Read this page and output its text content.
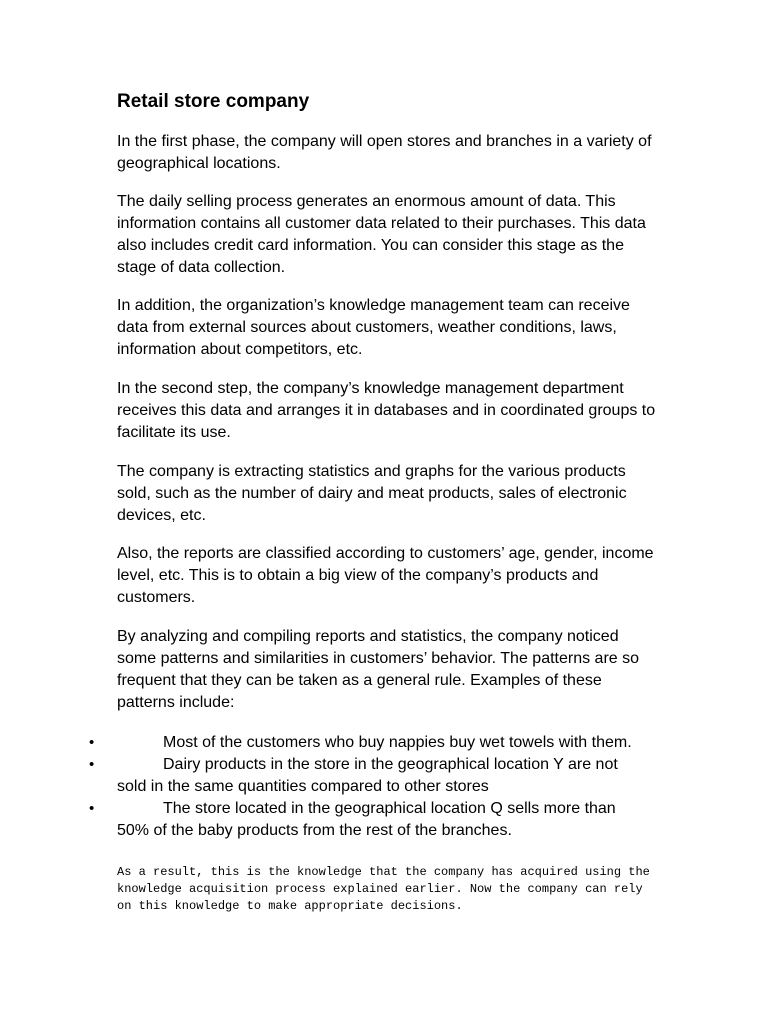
Retail store company

In the first phase, the company will open stores and branches in a variety of geographical locations.

The daily selling process generates an enormous amount of data. This information contains all customer data related to their purchases. This data also includes credit card information. You can consider this stage as the stage of data collection.

In addition, the organization’s knowledge management team can receive data from external sources about customers, weather conditions, laws, information about competitors, etc.

In the second step, the company’s knowledge management department receives this data and arranges it in databases and in coordinated groups to facilitate its use.

The company is extracting statistics and graphs for the various products sold, such as the number of dairy and meat products, sales of electronic devices, etc.

Also, the reports are classified according to customers’ age, gender, income level, etc. This is to obtain a big view of the company’s products and customers.

By analyzing and compiling reports and statistics, the company noticed some patterns and similarities in customers’ behavior. The patterns are so frequent that they can be taken as a general rule. Examples of these patterns include:

•	Most of the customers who buy nappies buy wet towels with them.
•	Dairy products in the store in the geographical location Y are not sold in the same quantities compared to other stores
•	The store located in the geographical location Q sells more than 50% of the baby products from the rest of the branches.

As a result, this is the knowledge that the company has acquired using the knowledge acquisition process explained earlier. Now the company can rely on this knowledge to make appropriate decisions.
